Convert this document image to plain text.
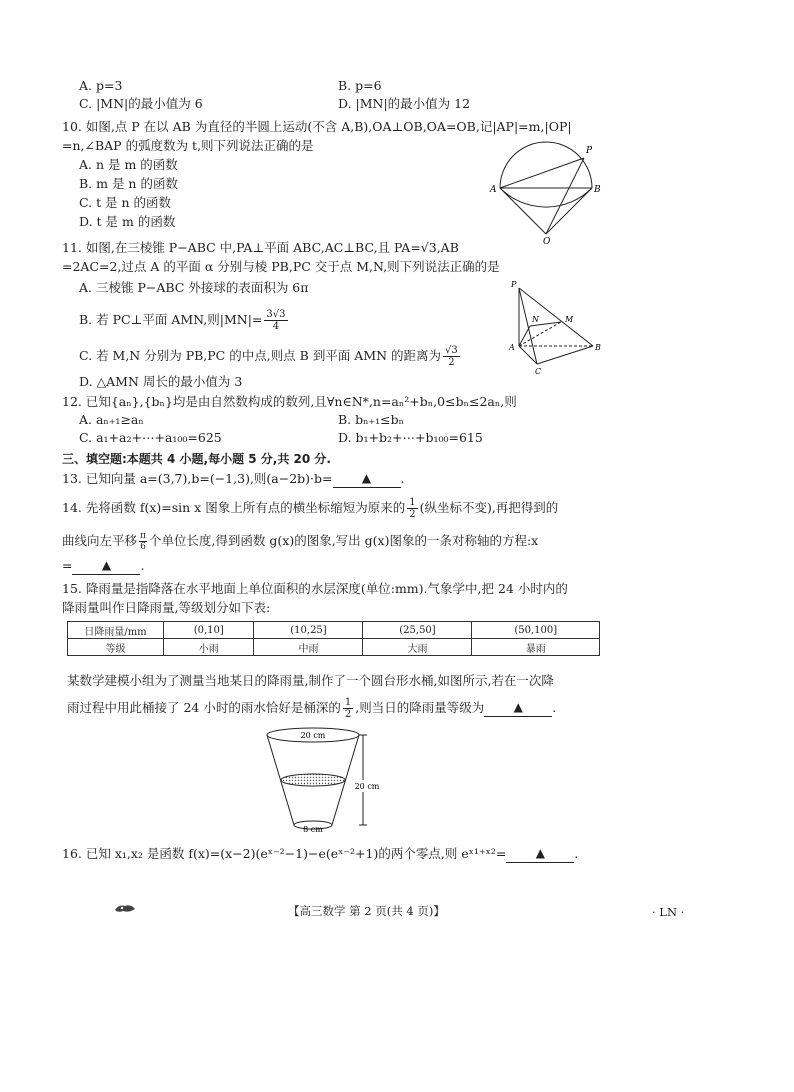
A. p=3	B. p=6
C. |MN|的最小值为 6	D. |MN|的最小值为 12
10. 如图,点 P 在以 AB 为直径的半圆上运动(不含 A,B),OA⊥OB,OA=OB,记|AP|=m,|OP|
=n,∠BAP 的弧度数为 t,则下列说法正确的是
A. n 是 m 的函数
B. m 是 n 的函数
C. t 是 n 的函数
D. t 是 m 的函数
P
A	B
O
11. 如图,在三棱锥 P−ABC 中,PA⊥平面 ABC,AC⊥BC,且 PA=√3,AB
=2AC=2,过点 A 的平面 α 分别与棱 PB,PC 交于点 M,N,则下列说法正确的是
A. 三棱锥 P−ABC 外接球的表面积为 6π
B. 若 PC⊥平面 AMN,则$|MN|= \frac{3√3}{4}$
C. 若 M,N 分别为 PB,PC 的中点,则点 B 到平面 AMN 的距离为 $\frac{√3}{2}$
D. △AMN 周长的最小值为 3
P
N	M
A	B
C
12. 已知{aₙ},{bₙ}均是由自然数构成的数列,且∀n∈N*,n=aₙ²+bₙ,0≤bₙ≤2aₙ,则
A. aₙ₊₁≥aₙ	B. bₙ₊₁≤bₙ
C. a₁+a₂+⋯+a₁₀₀=625	D. b₁+b₂+⋯+b₁₀₀=615
三、填空题:本题共 4 小题,每小题 5 分,共 20 分.
13. 已知向量 a=(3,7),b=(−1,3),则(a−2b)·b= ▲ .
14. 先将函数 f(x)=sin x 图象上所有点的横坐标缩短为原来的 $\frac{1}{2}$ (纵坐标不变),再把得到的
曲线向左平移 $\frac{\pi}{6}$ 个单位长度,得到函数 g(x)的图象,写出 g(x)图象的一条对称轴的方程:x
= ▲ .
15. 降雨量是指降落在水平地面上单位面积的水层深度(单位:mm).气象学中,把 24 小时内的
降雨量叫作日降雨量,等级划分如下表:
日降雨量/mm	(0,10]	(10,25]	(25,50]	(50,100]
等级	小雨	中雨	大雨	暴雨
某数学建模小组为了测量当地某日的降雨量,制作了一个圆台形水桶,如图所示,若在一次降
雨过程中用此桶接了 24 小时的雨水恰好是桶深的 $\frac{1}{2}$ ,则当日的降雨量等级为 ▲ .
20 cm
20 cm
8 cm
16. 已知 x₁,x₂ 是函数 f(x)=(x−2)(eˣ⁻²−1)−e(eˣ⁻²+1)的两个零点,则 eˣ¹⁺ˣ²= ▲ .
【高三数学 第 2 页(共 4 页)】	· LN ·
